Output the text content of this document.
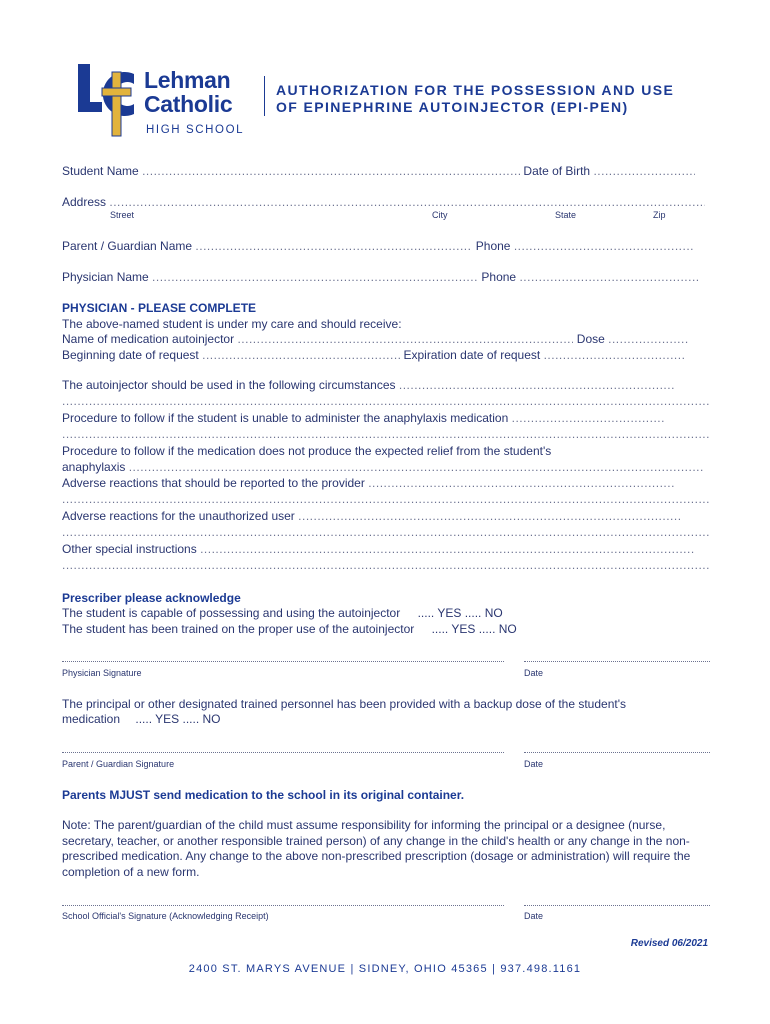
Lehman
Catholic
HIGH SCHOOL
AUTHORIZATION FOR THE POSSESSION AND USE
OF EPINEPHRINE AUTOINJECTOR (EPI-PEN)
Student Name .....	Date of Birth .....
Address .....
Street	City	State	Zip
Parent / Guardian Name .....	Phone .....
Physician Name .....	Phone .....
PHYSICIAN - PLEASE COMPLETE
The above-named student is under my care and should receive:
Name of medication autoinjector .....	Dose .....
Beginning date of request .....	Expiration date of request .....
The autoinjector should be used in the following circumstances .....
.....
Procedure to follow if the student is unable to administer the anaphylaxis medication .....
.....
Procedure to follow if the medication does not produce the expected relief from the student's
anaphylaxis .....
Adverse reactions that should be reported to the provider .....
.....
Adverse reactions for the unauthorized user .....
.....
Other special instructions .....
.....
Prescriber please acknowledge
The student is capable of possessing and using the autoinjector ..... YES ..... NO
The student has been trained on the proper use of the autoinjector ..... YES ..... NO
Physician Signature	Date
The principal or other designated trained personnel has been provided with a backup dose of the student's
medication ..... YES ..... NO
Parent / Guardian Signature	Date
Parents MJUST send medication to the school in its original container.
Note: The parent/guardian of the child must assume responsibility for informing the principal or a designee (nurse, secretary, teacher, or another responsible trained person) of any change in the child's health or any change in the non-prescribed medication. Any change to the above non-prescribed prescription (dosage or administration) will require the completion of a new form.
School Official's Signature (Acknowledging Receipt)	Date
Revised 06/2021
2400 ST. MARYS AVENUE | SIDNEY, OHIO 45365 | 937.498.1161
